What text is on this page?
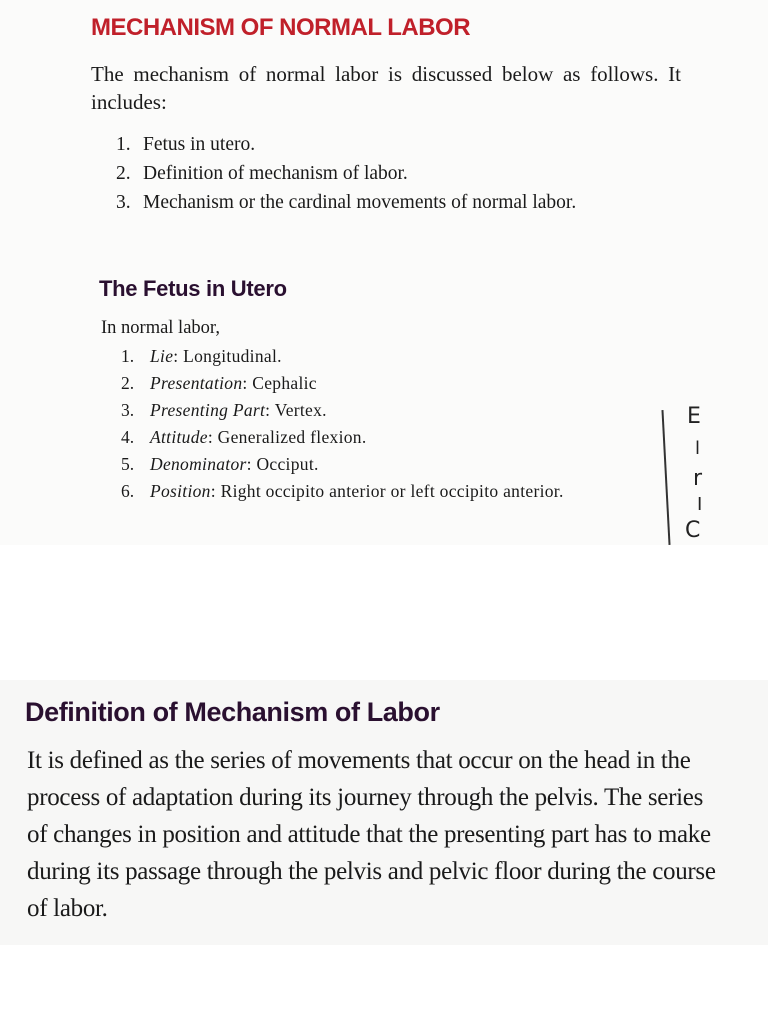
MECHANISM OF NORMAL LABOR

The mechanism of normal labor is discussed below as follows. It includes:

1. Fetus in utero.
2. Definition of mechanism of labor.
3. Mechanism or the cardinal movements of normal labor.
The Fetus in Utero

In normal labor,

1. Lie: Longitudinal.
2. Presentation: Cephalic
3. Presenting Part: Vertex.
4. Attitude: Generalized flexion.
5. Denominator: Occiput.
6. Position: Right occipito anterior or left occipito anterior.
E
l
r
I
C
Definition of Mechanism of Labor

It is defined as the series of movements that occur on the head in the process of adaptation during its journey through the pelvis. The series of changes in position and attitude that the presenting part has to make during its passage through the pelvis and pelvic floor during the course of labor.
